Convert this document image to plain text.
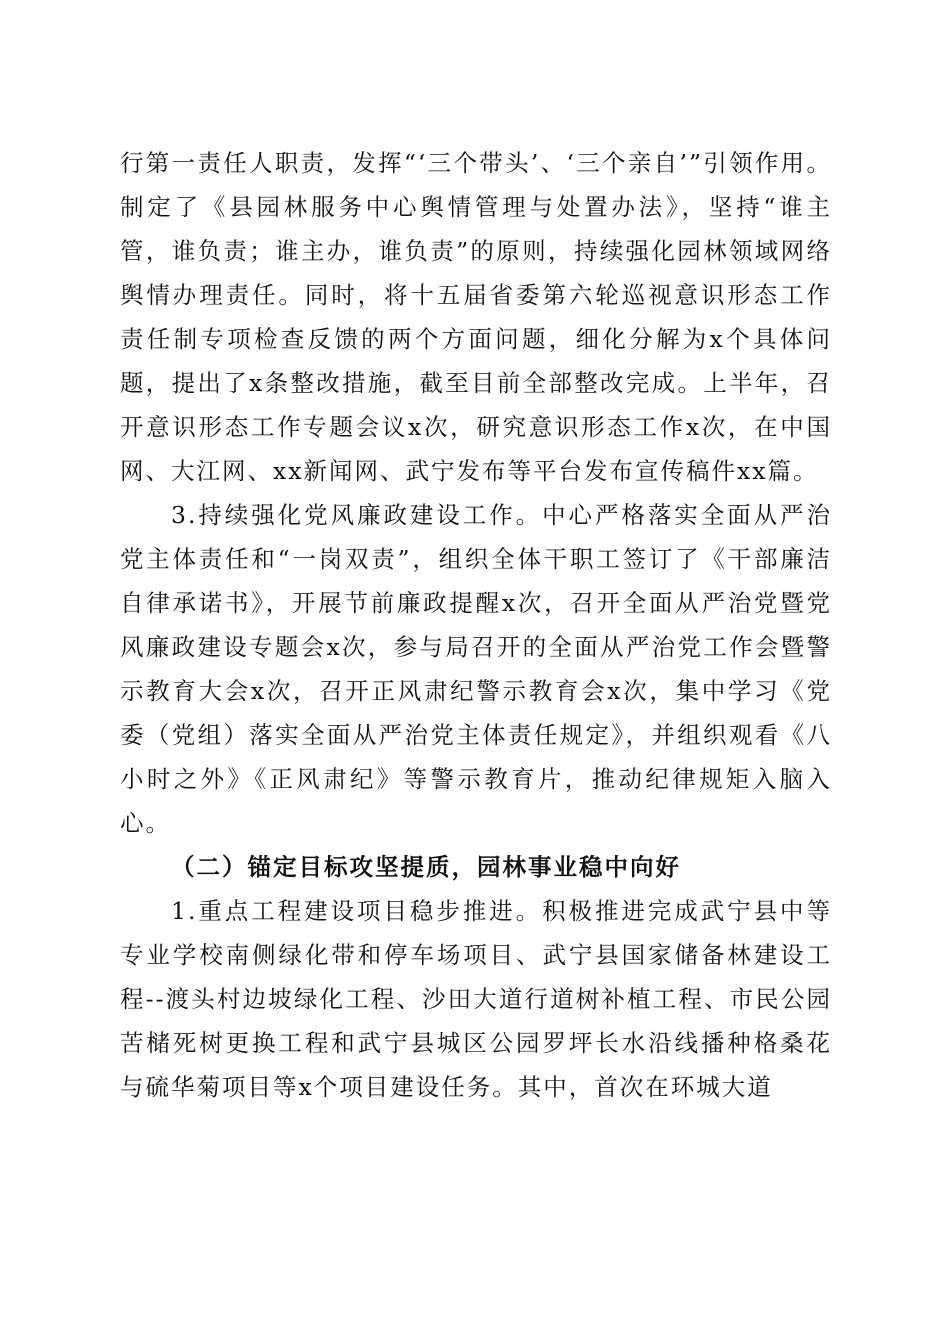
行第一责任人职责，发挥“‘三个带头’、‘三个亲自’”引领作用。制定了《县园林服务中心舆情管理与处置办法》，坚持“谁主管，谁负责；谁主办，谁负责”的原则，持续强化园林领域网络舆情办理责任。同时，将十五届省委第六轮巡视意识形态工作责任制专项检查反馈的两个方面问题，细化分解为x个具体问题，提出了x条整改措施，截至目前全部整改完成。上半年，召开意识形态工作专题会议x次，研究意识形态工作x次，在中国网、大江网、xx新闻网、武宁发布等平台发布宣传稿件xx篇。

3.持续强化党风廉政建设工作。中心严格落实全面从严治党主体责任和“一岗双责”，组织全体干职工签订了《干部廉洁自律承诺书》，开展节前廉政提醒x次，召开全面从严治党暨党风廉政建设专题会x次，参与局召开的全面从严治党工作会暨警示教育大会x次，召开正风肃纪警示教育会x次，集中学习《党委（党组）落实全面从严治党主体责任规定》，并组织观看《八小时之外》《正风肃纪》等警示教育片，推动纪律规矩入脑入心。

（二）锚定目标攻坚提质，园林事业稳中向好

1.重点工程建设项目稳步推进。积极推进完成武宁县中等专业学校南侧绿化带和停车场项目、武宁县国家储备林建设工程--渡头村边坡绿化工程、沙田大道行道树补植工程、市民公园苦槠死树更换工程和武宁县城区公园罗坪长水沿线播种格桑花与硫华菊项目等x个项目建设任务。其中，首次在环城大道
